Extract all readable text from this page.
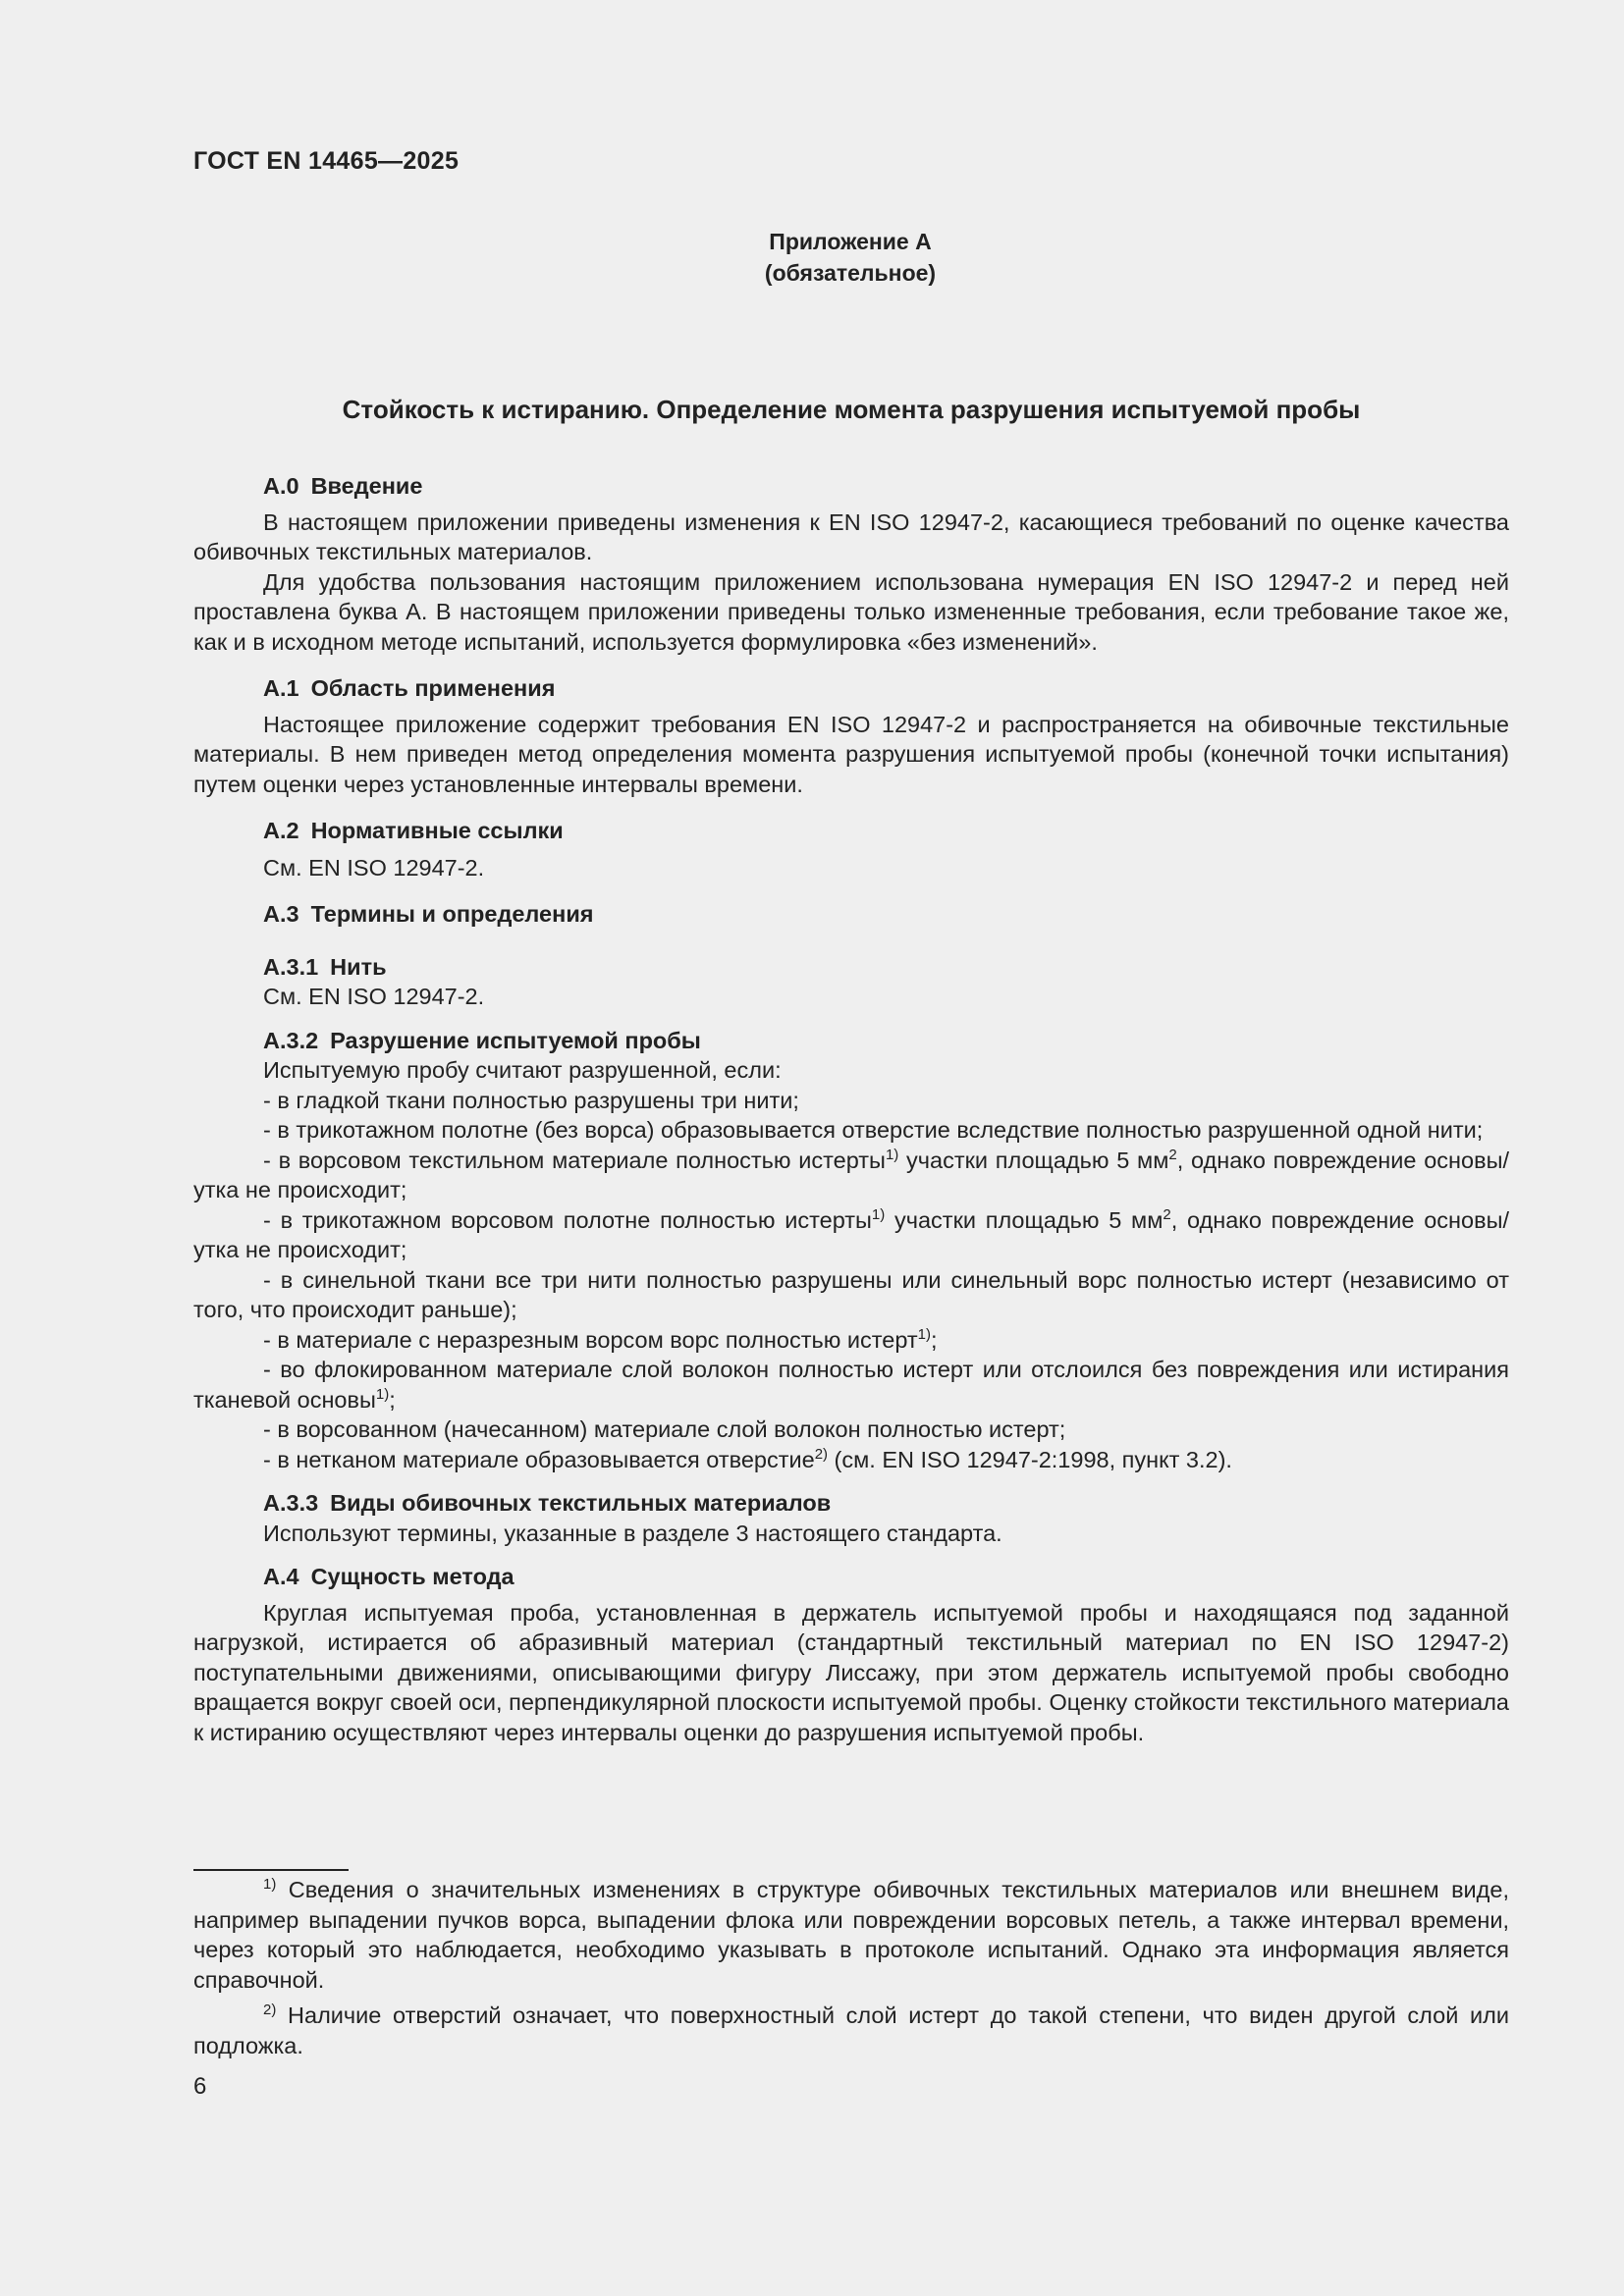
ГОСТ EN 14465—2025
Приложение А
(обязательное)
Стойкость к истиранию. Определение момента разрушения испытуемой пробы

А.0 Введение

В настоящем приложении приведены изменения к EN ISO 12947-2, касающиеся требований по оценке качества обивочных текстильных материалов.

Для удобства пользования настоящим приложением использована нумерация EN ISO 12947-2 и перед ней проставлена буква А. В настоящем приложении приведены только измененные требования, если требование такое же, как и в исходном методе испытаний, используется формулировка «без изменений».

А.1 Область применения

Настоящее приложение содержит требования EN ISO 12947-2 и распространяется на обивочные текстильные материалы. В нем приведен метод определения момента разрушения испытуемой пробы (конечной точки испытания) путем оценки через установленные интервалы времени.

А.2 Нормативные ссылки

См. EN ISO 12947-2.

А.3 Термины и определения

А.3.1 Нить

См. EN ISO 12947-2.

А.3.2 Разрушение испытуемой пробы

Испытуемую пробу считают разрушенной, если:

- в гладкой ткани полностью разрушены три нити;

- в трикотажном полотне (без ворса) образовывается отверстие вследствие полностью разрушенной одной нити;

- в ворсовом текстильном материале полностью истерты$^{1)}$ участки площадью 5 $мм^2$, однако повреждение основы/утка не происходит;

- в трикотажном ворсовом полотне полностью истерты$^{1)}$ участки площадью 5 $мм^2$, однако повреждение основы/утка не происходит;

- в синельной ткани все три нити полностью разрушены или синельный ворс полностью истерт (независимо от того, что происходит раньше);

- в материале с неразрезным ворсом ворс полностью истерт$^{1)}$;

- во флокированном материале слой волокон полностью истерт или отслоился без повреждения или истирания тканевой основы$^{1)}$;

- в ворсованном (начесанном) материале слой волокон полностью истерт;

- в нетканом материале образовывается отверстие$^{2)}$ (см. EN ISO 12947-2:1998, пункт 3.2).

А.3.3 Виды обивочных текстильных материалов

Используют термины, указанные в разделе 3 настоящего стандарта.

А.4 Сущность метода

Круглая испытуемая проба, установленная в держатель испытуемой пробы и находящаяся под заданной нагрузкой, истирается об абразивный материал (стандартный текстильный материал по EN ISO 12947-2) поступательными движениями, описывающими фигуру Лиссажу, при этом держатель испытуемой пробы свободно вращается вокруг своей оси, перпендикулярной плоскости испытуемой пробы. Оценку стойкости текстильного материала к истиранию осуществляют через интервалы оценки до разрушения испытуемой пробы.

$^{1)}$ Сведения о значительных изменениях в структуре обивочных текстильных материалов или внешнем виде, например выпадении пучков ворса, выпадении флока или повреждении ворсовых петель, а также интервал времени, через который это наблюдается, необходимо указывать в протоколе испытаний. Однако эта информация является справочной.

$^{2)}$ Наличие отверстий означает, что поверхностный слой истерт до такой степени, что виден другой слой или подложка.

6
